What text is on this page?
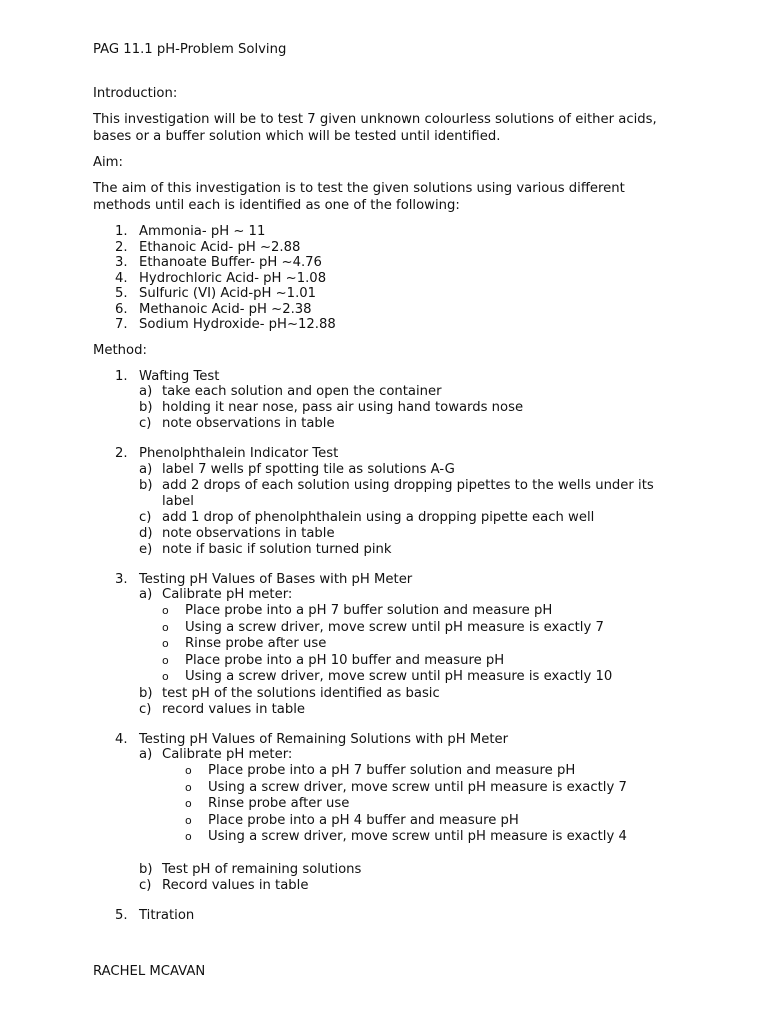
PAG 11.1 pH-Problem Solving

Introduction:

This investigation will be to test 7 given unknown colourless solutions of either acids, bases or a buffer solution which will be tested until identified.

Aim:

The aim of this investigation is to test the given solutions using various different methods until each is identified as one of the following:

1. Ammonia- pH ~ 11
2. Ethanoic Acid- pH ~2.88
3. Ethanoate Buffer- pH ~4.76
4. Hydrochloric Acid- pH ~1.08
5. Sulfuric (VI) Acid-pH ~1.01
6. Methanoic Acid- pH ~2.38
7. Sodium Hydroxide- pH~12.88

Method:

1. Wafting Test
a) take each solution and open the container
b) holding it near nose, pass air using hand towards nose
c) note observations in table
2. Phenolphthalein Indicator Test
a) label 7 wells pf spotting tile as solutions A-G
b) add 2 drops of each solution using dropping pipettes to the wells under its label
c) add 1 drop of phenolphthalein using a dropping pipette each well
d) note observations in table
e) note if basic if solution turned pink
3. Testing pH Values of Bases with pH Meter
a) Calibrate pH meter:
o Place probe into a pH 7 buffer solution and measure pH
o Using a screw driver, move screw until pH measure is exactly 7
o Rinse probe after use
o Place probe into a pH 10 buffer and measure pH
o Using a screw driver, move screw until pH measure is exactly 10
b) test pH of the solutions identified as basic
c) record values in table
4. Testing pH Values of Remaining Solutions with pH Meter
a) Calibrate pH meter:
o Place probe into a pH 7 buffer solution and measure pH
o Using a screw driver, move screw until pH measure is exactly 7
o Rinse probe after use
o Place probe into a pH 4 buffer and measure pH
o Using a screw driver, move screw until pH measure is exactly 4
b) Test pH of remaining solutions
c) Record values in table
5. Titration

RACHEL MCAVAN
